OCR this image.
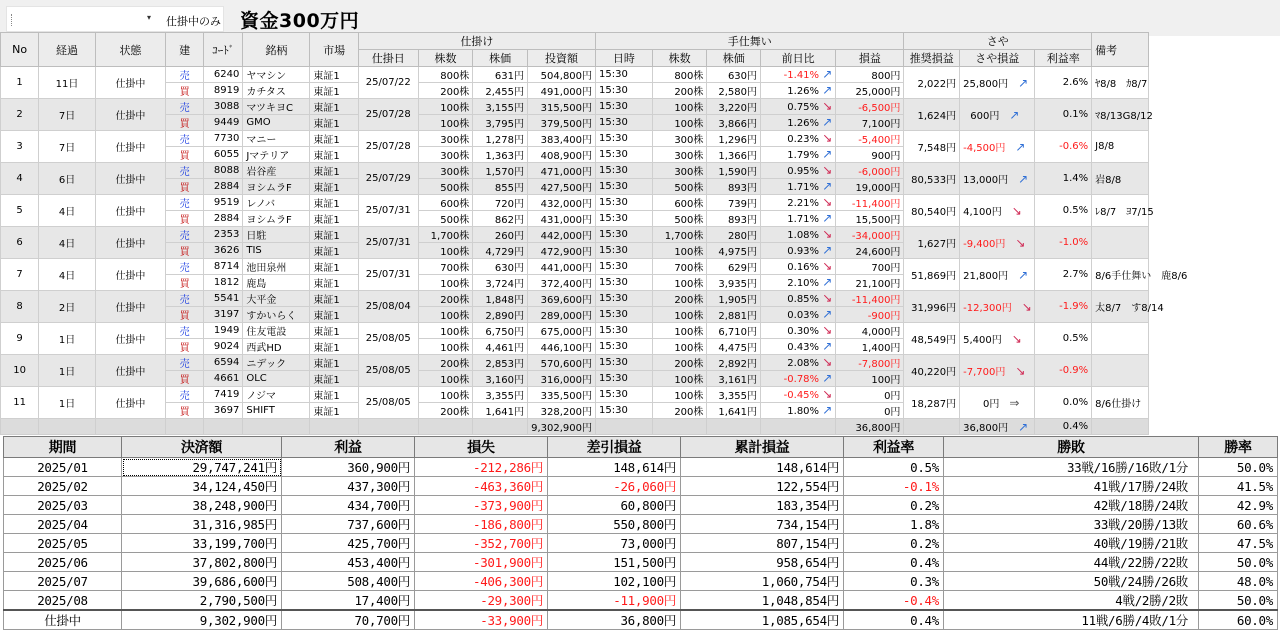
▾ 仕掛中のみ 資金300万円
No	経過	状態	建	ｺｰﾄﾞ	銘柄	市場	仕掛け				手仕舞い					さや			備考
							仕掛日	株数	株価	投資額	日時	株数	株価	前日比	損益	推奨損益	さや損益	利益率	
1	11日	仕掛中	売	6240	ヤマシン	東証1	25/07/22	800株	631円	504,800円	15:30	800株	630円	-1.41% ↗	800円	2,022円	25,800円 ↗	2.6%	ﾔ8/8　ｶ8/7
			買	8919	カチタス	東証1		200株	2,455円	491,000円	15:30	200株	2,580円	1.26% ↗	25,000円				
2	7日	仕掛中	売	3088	マツキヨC	東証1	25/07/28	100株	3,155円	315,500円	15:30	100株	3,220円	0.75% ↘	-6,500円	1,624円	600円 ↗	0.1%	ﾏ8/13G8/12
			買	9449	GMO	東証1		100株	3,795円	379,500円	15:30	100株	3,866円	1.26% ↗	7,100円				
3	7日	仕掛中	売	7730	マニー	東証1	25/07/28	300株	1,278円	383,400円	15:30	300株	1,296円	0.23% ↘	-5,400円	7,548円	-4,500円 ↗	-0.6%	J8/8
			買	6055	Jマテリア	東証1		300株	1,363円	408,900円	15:30	300株	1,366円	1.79% ↗	900円				
4	6日	仕掛中	売	8088	岩谷産	東証1	25/07/29	300株	1,570円	471,000円	15:30	300株	1,590円	0.95% ↘	-6,000円	80,533円	13,000円 ↗	1.4%	岩8/8
			買	2884	ヨシムラF	東証1		500株	855円	427,500円	15:30	500株	893円	1.71% ↗	19,000円				
5	4日	仕掛中	売	9519	レノバ	東証1	25/07/31	600株	720円	432,000円	15:30	600株	739円	2.21% ↘	-11,400円	80,540円	4,100円 ↘	0.5%	ﾚ8/7　ﾖ7/15
			買	2884	ヨシムラF	東証1		500株	862円	431,000円	15:30	500株	893円	1.71% ↗	15,500円				
6	4日	仕掛中	売	2353	日駐	東証1	25/07/31	1,700株	260円	442,000円	15:30	1,700株	280円	1.08% ↘	-34,000円	1,627円	-9,400円 ↘	-1.0%	
			買	3626	TIS	東証1		100株	4,729円	472,900円	15:30	100株	4,975円	0.93% ↗	24,600円				
7	4日	仕掛中	売	8714	池田泉州	東証1	25/07/31	700株	630円	441,000円	15:30	700株	629円	0.16% ↘	700円	51,869円	21,800円 ↗	2.7%	8/6手仕舞い　鹿8/6
			買	1812	鹿島	東証1		100株	3,724円	372,400円	15:30	100株	3,935円	2.10% ↗	21,100円				
8	2日	仕掛中	売	5541	大平金	東証1	25/08/04	200株	1,848円	369,600円	15:30	200株	1,905円	0.85% ↘	-11,400円	31,996円	-12,300円 ↘	-1.9%	太8/7　す8/14
			買	3197	すかいらく	東証1		100株	2,890円	289,000円	15:30	100株	2,881円	0.03% ↗	-900円				
9	1日	仕掛中	売	1949	住友電設	東証1	25/08/05	100株	6,750円	675,000円	15:30	100株	6,710円	0.30% ↘	4,000円	48,549円	5,400円 ↘	0.5%	
			買	9024	西武HD	東証1		100株	4,461円	446,100円	15:30	100株	4,475円	0.43% ↗	1,400円				
10	1日	仕掛中	売	6594	ニデック	東証1	25/08/05	200株	2,853円	570,600円	15:30	200株	2,892円	2.08% ↘	-7,800円	40,220円	-7,700円 ↘	-0.9%	
			買	4661	OLC	東証1		100株	3,160円	316,000円	15:30	100株	3,161円	-0.78% ↗	100円				
11	1日	仕掛中	売	7419	ノジマ	東証1	25/08/05	100株	3,355円	335,500円	15:30	100株	3,355円	-0.45% ↘	0円	18,287円	0円 ⇒	0.0%	8/6仕掛け
			買	3697	SHIFT	東証1		200株	1,641円	328,200円	15:30	200株	1,641円	1.80% ↗	0円				
										9,302,900円					36,800円		36,800円 ↗	0.4%	
期間	決済額	利益	損失	差引損益	累計損益	利益率	勝敗	勝率
2025/01	29,747,241円	360,900円	-212,286円	148,614円	148,614円	0.5%	33戦/16勝/16敗/1分	50.0%
2025/02	34,124,450円	437,300円	-463,360円	-26,060円	122,554円	-0.1%	41戦/17勝/24敗	41.5%
2025/03	38,248,900円	434,700円	-373,900円	60,800円	183,354円	0.2%	42戦/18勝/24敗	42.9%
2025/04	31,316,985円	737,600円	-186,800円	550,800円	734,154円	1.8%	33戦/20勝/13敗	60.6%
2025/05	33,199,700円	425,700円	-352,700円	73,000円	807,154円	0.2%	40戦/19勝/21敗	47.5%
2025/06	37,802,800円	453,400円	-301,900円	151,500円	958,654円	0.4%	44戦/22勝/22敗	50.0%
2025/07	39,686,600円	508,400円	-406,300円	102,100円	1,060,754円	0.3%	50戦/24勝/26敗	48.0%
2025/08	2,790,500円	17,400円	-29,300円	-11,900円	1,048,854円	-0.4%	4戦/2勝/2敗	50.0%
仕掛中	9,302,900円	70,700円	-33,900円	36,800円	1,085,654円	0.4%	11戦/6勝/4敗/1分	60.0%
